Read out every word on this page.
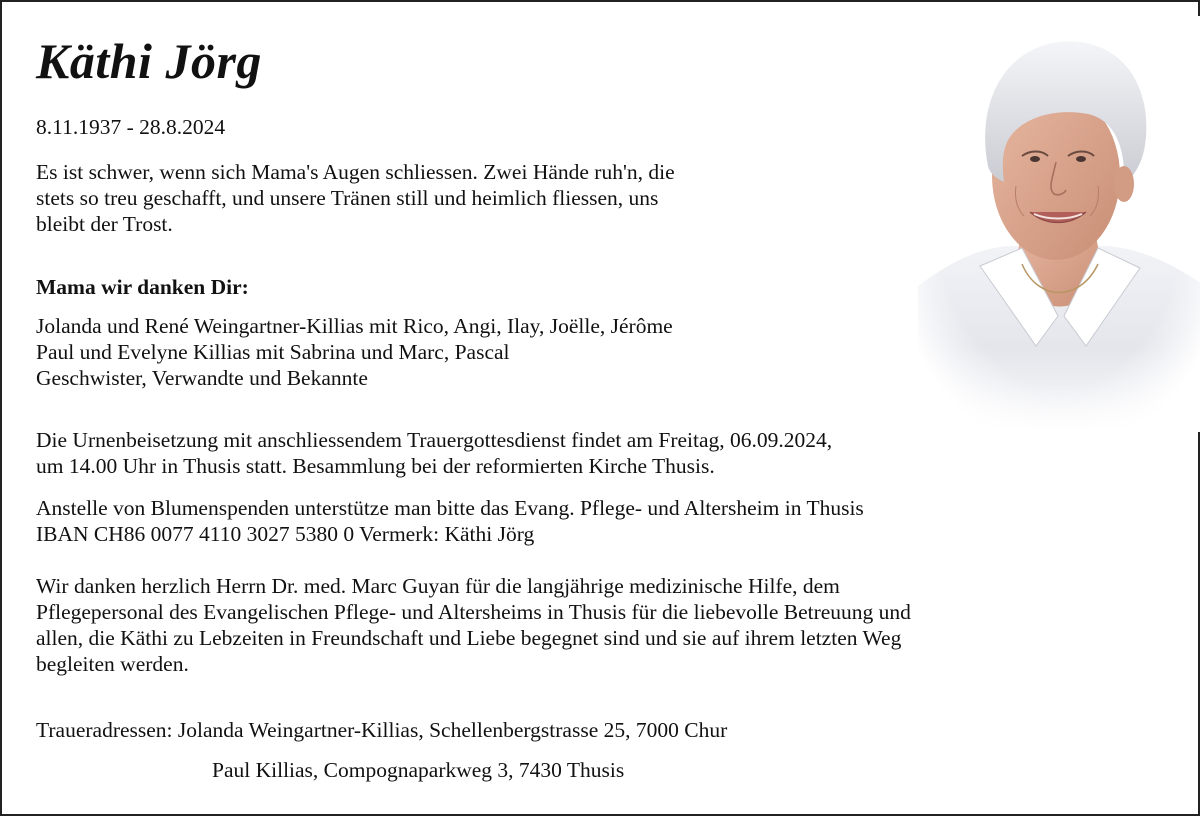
Käthi Jörg
8.11.1937 - 28.8.2024
Es ist schwer, wenn sich Mama's Augen schliessen. Zwei Hände ruh'n, die
stets so treu geschafft, und unsere Tränen still und heimlich fliessen, uns
bleibt der Trost.
Mama wir danken Dir:
Jolanda und René Weingartner-Killias mit Rico, Angi, Ilay, Joëlle, Jérôme
Paul und Evelyne Killias mit Sabrina und Marc, Pascal
Geschwister, Verwandte und Bekannte
Die Urnenbeisetzung mit anschliessendem Trauergottesdienst findet am Freitag, 06.09.2024,
um 14.00 Uhr in Thusis statt. Besammlung bei der reformierten Kirche Thusis.
Anstelle von Blumenspenden unterstütze man bitte das Evang. Pflege- und Altersheim in Thusis
IBAN CH86 0077 4110 3027 5380 0 Vermerk: Käthi Jörg
Wir danken herzlich Herrn Dr. med. Marc Guyan für die langjährige medizinische Hilfe, dem
Pflegepersonal des Evangelischen Pflege- und Altersheims in Thusis für die liebevolle Betreuung und
allen, die Käthi zu Lebzeiten in Freundschaft und Liebe begegnet sind und sie auf ihrem letzten Weg
begleiten werden.
Traueradressen: Jolanda Weingartner-Killias, Schellenbergstrasse 25, 7000 Chur
Paul Killias, Compognaparkweg 3, 7430 Thusis
